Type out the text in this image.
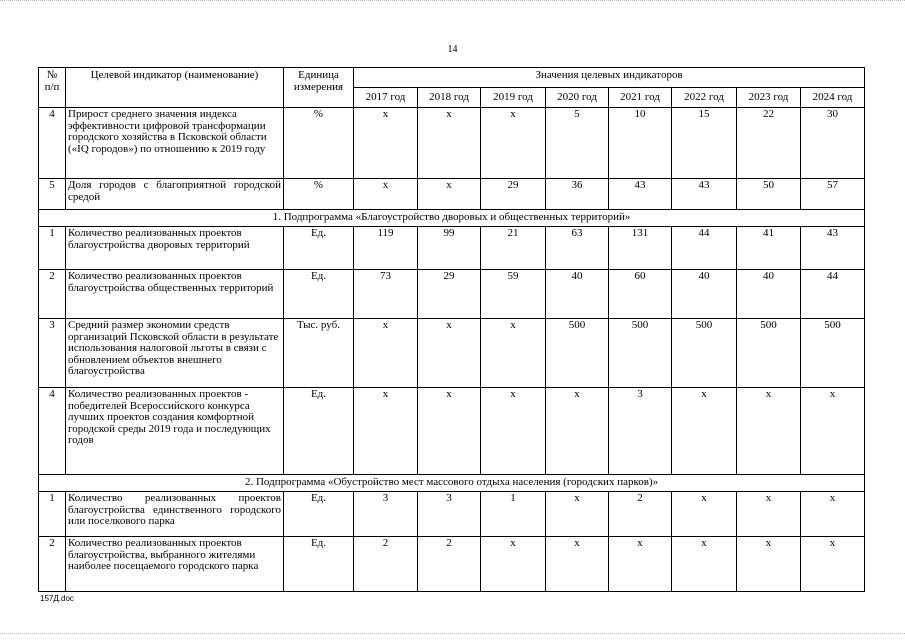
14
№ п/п	Целевой индикатор (наименование)	Единица измерения	Значения целевых индикаторов							
			2017 год	2018 год	2019 год	2020 год	2021 год	2022 год	2023 год	2024 год
4	Прирост среднего значения индекса эффективности цифровой трансформации городского хозяйства в Псковской области («IQ городов») по отношению к 2019 году	%	x	x	x	5	10	15	22	30
5	Доля городов с благоприятной городской средой	%	x	x	29	36	43	43	50	57
1. Подпрограмма «Благоустройство дворовых и общественных территорий»										
1	Количество реализованных проектов благоустройства дворовых территорий	Ед.	119	99	21	63	131	44	41	43
2	Количество реализованных проектов благоустройства общественных территорий	Ед.	73	29	59	40	60	40	40	44
3	Средний размер экономии средств организаций Псковской области в результате использования налоговой льготы в связи с обновлением объектов внешнего благоустройства	Тыс. руб.	x	x	x	500	500	500	500	500
4	Количество реализованных проектов - победителей Всероссийского конкурса лучших проектов создания комфортной городской среды 2019 года и последующих годов	Ед.	x	x	x	x	3	x	x	x
2. Подпрограмма «Обустройство мест массового отдыха населения (городских парков)»										
1	Количество реализованных проектов благоустройства единственного городского или поселкового парка	Ед.	3	3	1	x	2	x	x	x
2	Количество реализованных проектов благоустройства, выбранного жителями наиболее посещаемого городского парка	Ед.	2	2	x	x	x	x	x	x
157Д.doc
